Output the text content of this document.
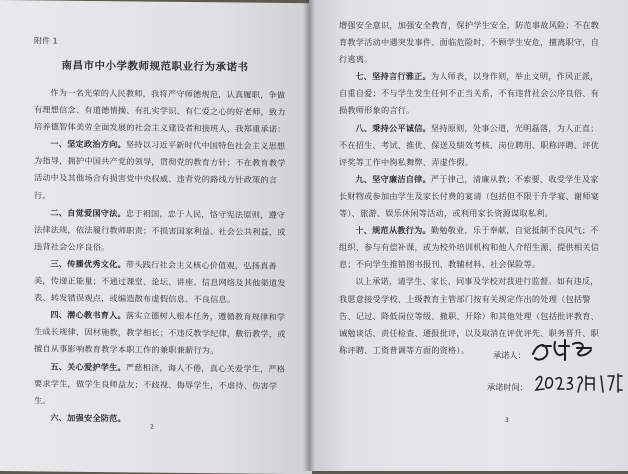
附件 1
南昌市中小学教师规范职业行为承诺书

作为一名光荣的人民教师，我将严守师德规范，认真履职，争做有理想信念、有道德情操、有扎实学识、有仁爱之心的好老师，致力培养德智体美劳全面发展的社会主义建设者和接班人，我郑重承诺：

一、坚定政治方向。坚持以习近平新时代中国特色社会主义思想为指导，拥护中国共产党的领导，贯彻党的教育方针；不在教育教学活动中及其他场合有损害党中央权威、违背党的路线方针政策的言行。

二、自觉爱国守法。忠于祖国，忠于人民，恪守宪法原则，遵守法律法规，依法履行教师职责；不损害国家利益、社会公共利益，或违背社会公序良俗。

三、传播优秀文化。带头践行社会主义核心价值观，弘扬真善美，传递正能量；不通过课堂、论坛、讲座、信息网络及其他渠道发表、转发错误观点，或编造散布虚假信息、不良信息。

四、潜心教书育人。落实立德树人根本任务，遵循教育规律和学生成长规律，因材施教，教学相长；不违反教学纪律，敷衍教学，或擅自从事影响教育教学本职工作的兼职兼薪行为。

五、关心爱护学生。严慈相济，诲人不倦，真心关爱学生，严格要求学生，做学生良师益友；不歧视、侮辱学生，不虐待、伤害学生。

六、加强安全防范。

2

增强安全意识，加强安全教育，保护学生安全，防范事故风险；不在教育教学活动中遇突发事件、面临危险时，不顾学生安危，擅离职守，自行逃离。

七、坚持言行雅正。为人师表，以身作则，举止文明，作风正派，自重自爱；不与学生发生任何不正当关系，不有违背社会公序良俗、有损教师形象的言行。

八、秉持公平诚信。坚持原则，处事公道，光明磊落，为人正直；不在招生、考试、推优、保送及绩效考核、岗位聘用、职称评聘、评优评奖等工作中徇私舞弊、弄虚作假。

九、坚守廉洁自律。严于律己，清廉从教；不索要、收受学生及家长财物或参加由学生及家长付费的宴请（包括但不限于升学宴、谢师宴等）、旅游、娱乐休闲等活动，或利用家长资源谋取私利。

十、规范从教行为。勤勉敬业，乐于奉献，自觉抵制不良风气；不组织、参与有偿补课，或为校外培训机构和他人介绍生源、提供相关信息；不向学生推销图书报刊、教辅材料、社会保险等。

以上承诺，请学生、家长、同事及学校对我进行监督。如有违反，我愿意接受学校、上级教育主管部门按有关规定作出的处理（包括警告、记过、降低岗位等级、撤职、开除）和其他处理（包括批评教育、诫勉谈话、责任检查、通报批评，以及取消在评优评先、职务晋升、职称评聘、工资普调等方面的资格）。

承诺人：
承诺时间：
3
